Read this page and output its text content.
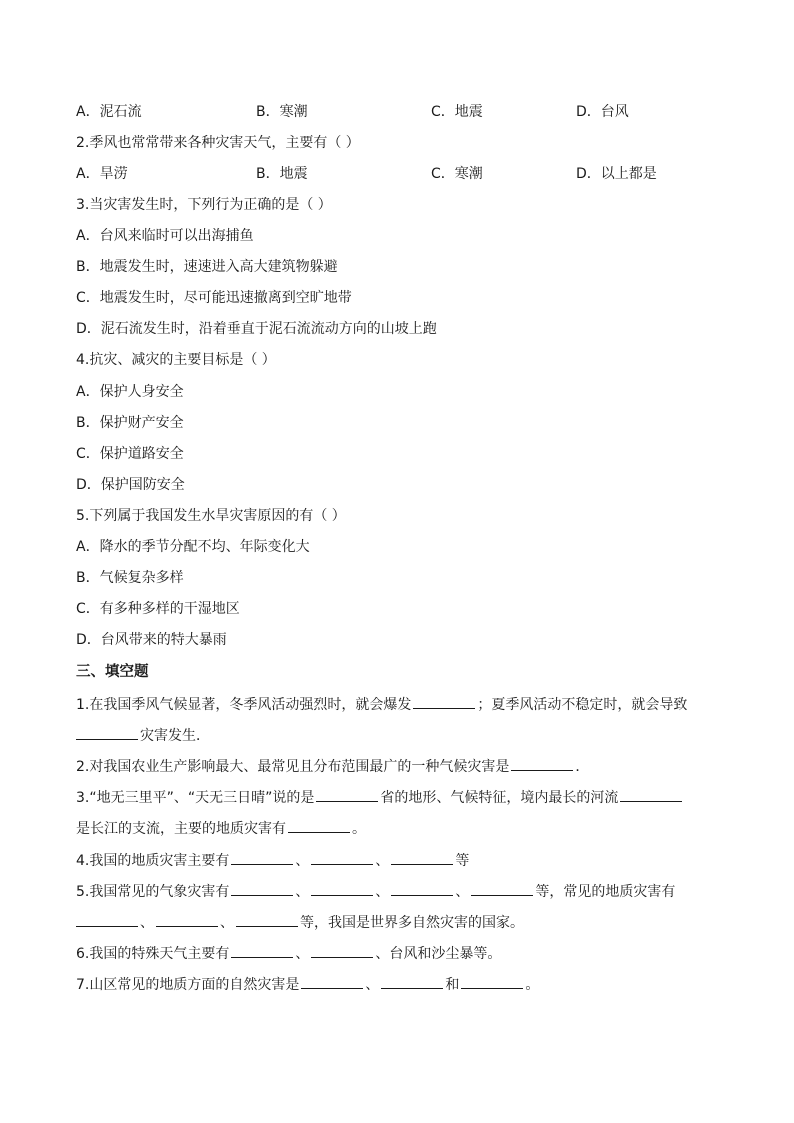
A．泥石流	B．寒潮	C．地震	D．台风
2.季风也常常带来各种灾害天气，主要有（ ）
A．旱涝	B．地震	C．寒潮	D．以上都是
3.当灾害发生时，下列行为正确的是（ ）
A．台风来临时可以出海捕鱼
B．地震发生时，速速进入高大建筑物躲避
C．地震发生时，尽可能迅速撤离到空旷地带
D．泥石流发生时，沿着垂直于泥石流流动方向的山坡上跑
4.抗灾、减灾的主要目标是（ ）
A．保护人身安全
B．保护财产安全
C．保护道路安全
D．保护国防安全
5.下列属于我国发生水旱灾害原因的有（ ）
A．降水的季节分配不均、年际变化大
B．气候复杂多样
C．有多种多样的干湿地区
D．台风带来的特大暴雨
三、填空题
1.在我国季风气候显著，冬季风活动强烈时，就会爆发	；夏季风活动不稳定时，就会导致
灾害发生．
2.对我国农业生产影响最大、最常见且分布范围最广的一种气候灾害是	．
3.“地无三里平”、“天无三日晴”说的是	省的地形、气候特征，境内最长的河流
是长江的支流，主要的地质灾害有	。
4.我国的地质灾害主要有	、	、	等
5.我国常见的气象灾害有	、	、	、	等，常见的地质灾害有
、	、	等，我国是世界多自然灾害的国家。
6.我国的特殊天气主要有	、	、台风和沙尘暴等。
7.山区常见的地质方面的自然灾害是	、	和	。
